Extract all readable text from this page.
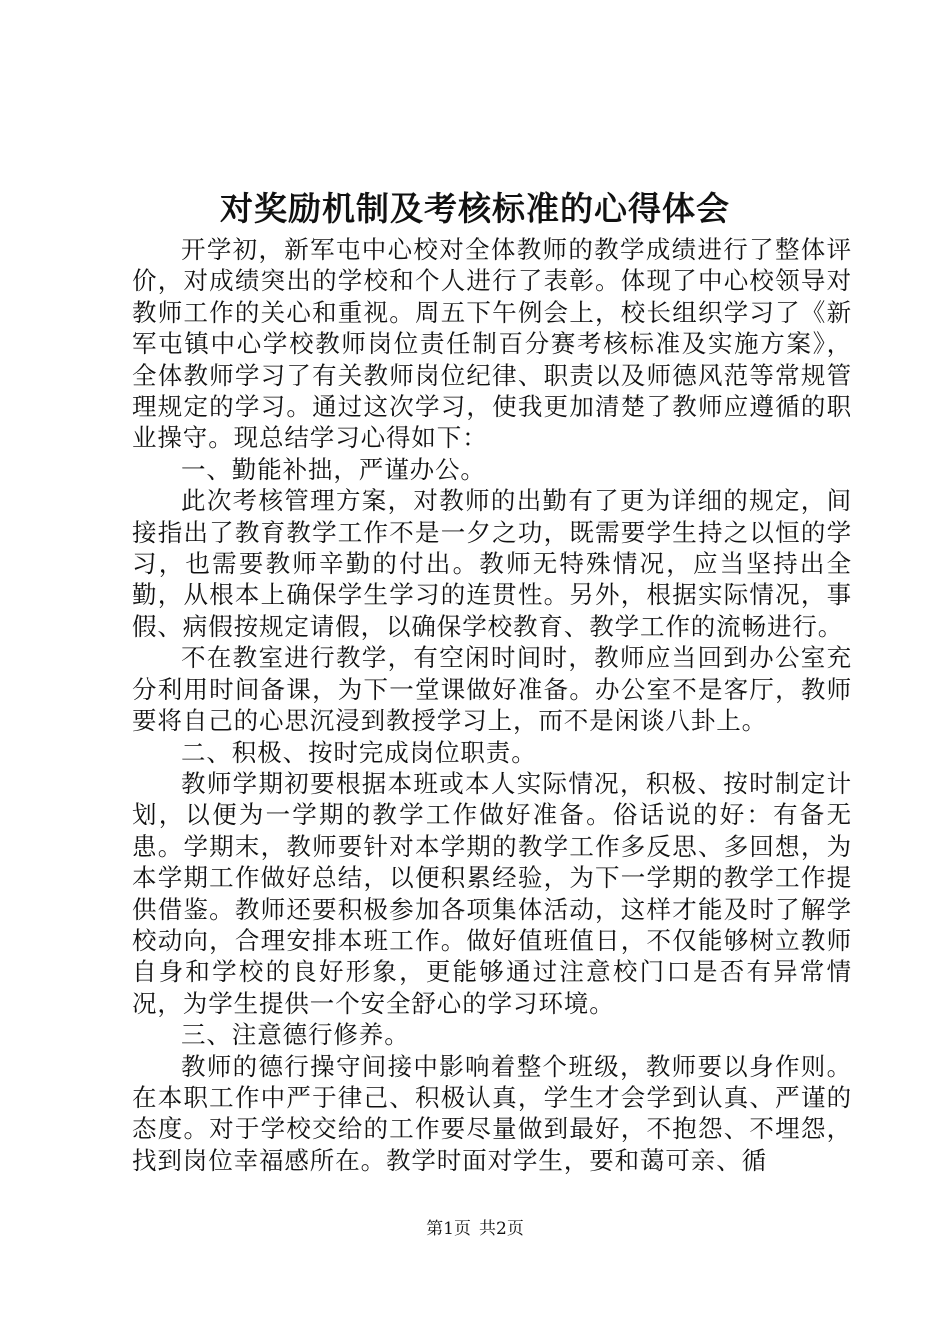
对奖励机制及考核标准的心得体会

开学初，新军屯中心校对全体教师的教学成绩进行了整体评价，对成绩突出的学校和个人进行了表彰。体现了中心校领导对教师工作的关心和重视。周五下午例会上，校长组织学习了《新军屯镇中心学校教师岗位责任制百分赛考核标准及实施方案》，全体教师学习了有关教师岗位纪律、职责以及师德风范等常规管理规定的学习。通过这次学习，使我更加清楚了教师应遵循的职业操守。现总结学习心得如下：

一、勤能补拙，严谨办公。

此次考核管理方案，对教师的出勤有了更为详细的规定，间接指出了教育教学工作不是一夕之功，既需要学生持之以恒的学习，也需要教师辛勤的付出。教师无特殊情况，应当坚持出全勤，从根本上确保学生学习的连贯性。另外，根据实际情况，事假、病假按规定请假，以确保学校教育、教学工作的流畅进行。

不在教室进行教学，有空闲时间时，教师应当回到办公室充分利用时间备课，为下一堂课做好准备。办公室不是客厅，教师要将自己的心思沉浸到教授学习上，而不是闲谈八卦上。

二、积极、按时完成岗位职责。

教师学期初要根据本班或本人实际情况，积极、按时制定计划，以便为一学期的教学工作做好准备。俗话说的好：有备无患。学期末，教师要针对本学期的教学工作多反思、多回想，为本学期工作做好总结，以便积累经验，为下一学期的教学工作提供借鉴。教师还要积极参加各项集体活动，这样才能及时了解学校动向，合理安排本班工作。做好值班值日，不仅能够树立教师自身和学校的良好形象，更能够通过注意校门口是否有异常情况，为学生提供一个安全舒心的学习环境。

三、注意德行修养。

教师的德行操守间接中影响着整个班级，教师要以身作则。在本职工作中严于律己、积极认真，学生才会学到认真、严谨的态度。对于学校交给的工作要尽量做到最好，不抱怨、不埋怨，找到岗位幸福感所在。教学时面对学生，要和蔼可亲、循

第1页 共2页
